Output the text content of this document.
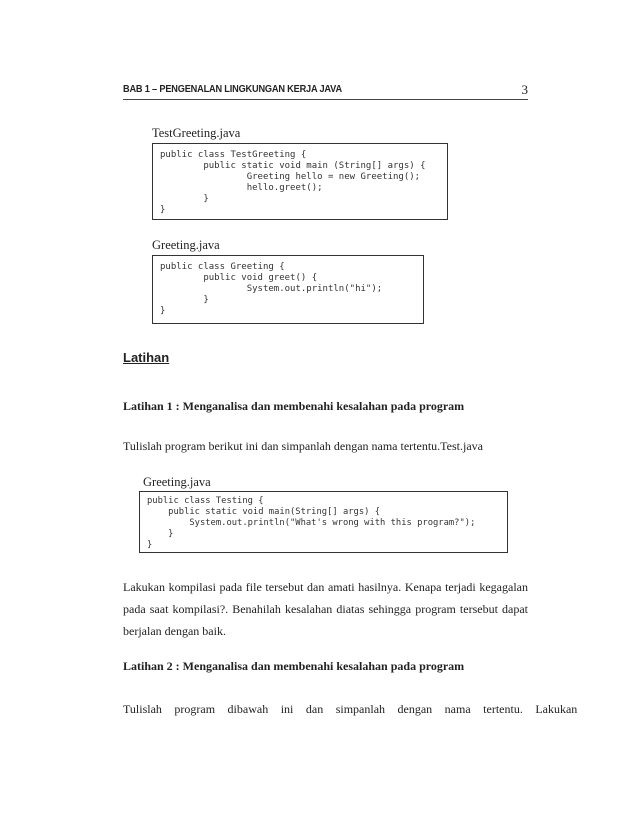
BAB 1 – PENGENALAN LINGKUNGAN KERJA JAVA	3
TestGreeting.java
public class TestGreeting {
public static void main (String[] args) {
Greeting hello = new Greeting();
hello.greet();
}
}
Greeting.java
public class Greeting {
public void greet() {
System.out.println("hi");
}
}
Latihan
Latihan 1 : Menganalisa dan membenahi kesalahan pada program
Tulislah program berikut ini dan simpanlah dengan nama tertentu.Test.java
Greeting.java
public class Testing {
public static void main(String[] args) {
System.out.println("What's wrong with this program?");
}
}
Lakukan kompilasi pada file tersebut dan amati hasilnya. Kenapa terjadi kegagalan pada saat kompilasi?. Benahilah kesalahan diatas sehingga program tersebut dapat berjalan dengan baik.
Latihan 2 : Menganalisa dan membenahi kesalahan pada program
Tulislah program dibawah ini dan simpanlah dengan nama tertentu. Lakukan
